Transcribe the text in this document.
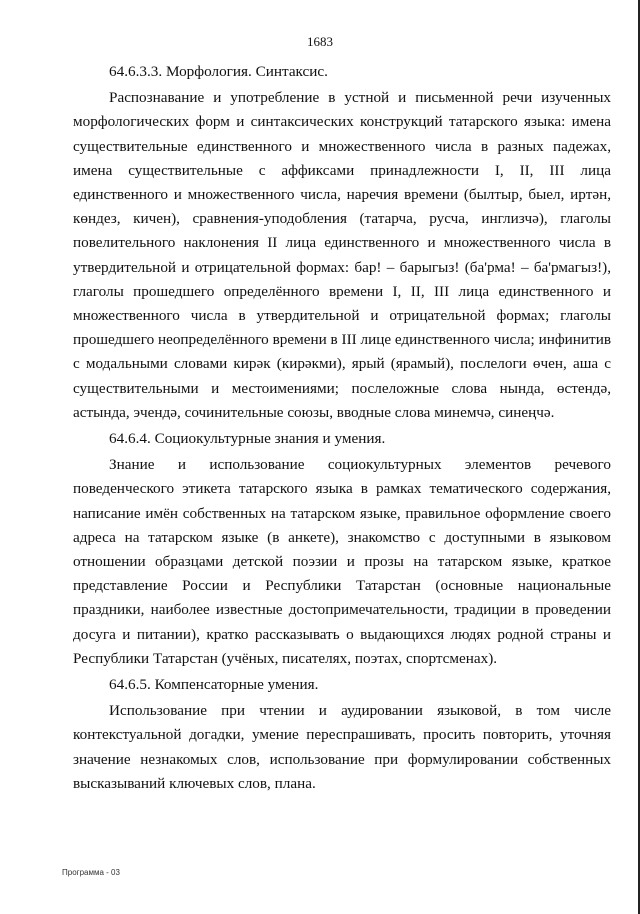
1683

64.6.3.3. Морфология. Синтаксис.

Распознавание и употребление в устной и письменной речи изученных морфологических форм и синтаксических конструкций татарского языка: имена существительные единственного и множественного числа в разных падежах, имена существительные с аффиксами принадлежности I, II, III лица единственного и множественного числа, наречия времени (былтыр, быел, иртән, көндез, кичен), сравнения-уподобления (татарча, русча, инглизчә), глаголы повелительного наклонения II лица единственного и множественного числа в утвердительной и отрицательной формах: бар! – барыгыз! (ба'рма! – ба'рмагыз!), глаголы прошедшего определённого времени I, II, III лица единственного и множественного числа в утвердительной и отрицательной формах; глаголы прошедшего неопределённого времени в III лице единственного числа; инфинитив с модальными словами кирәк (кирәкми), ярый (ярамый), послелоги өчен, аша с существительными и местоимениями; послеложные слова нында, өстендә, астында, эчендә, сочинительные союзы, вводные слова минемчә, синеңчә.

64.6.4. Социокультурные знания и умения.

Знание и использование социокультурных элементов речевого поведенческого этикета татарского языка в рамках тематического содержания, написание имён собственных на татарском языке, правильное оформление своего адреса на татарском языке (в анкете), знакомство с доступными в языковом отношении образцами детской поэзии и прозы на татарском языке, краткое представление России и Республики Татарстан (основные национальные праздники, наиболее известные достопримечательности, традиции в проведении досуга и питании), кратко рассказывать о выдающихся людях родной страны и Республики Татарстан (учёных, писателях, поэтах, спортсменах).

64.6.5. Компенсаторные умения.

Использование при чтении и аудировании языковой, в том числе контекстуальной догадки, умение переспрашивать, просить повторить, уточняя значение незнакомых слов, использование при формулировании собственных высказываний ключевых слов, плана.

Программа - 03
